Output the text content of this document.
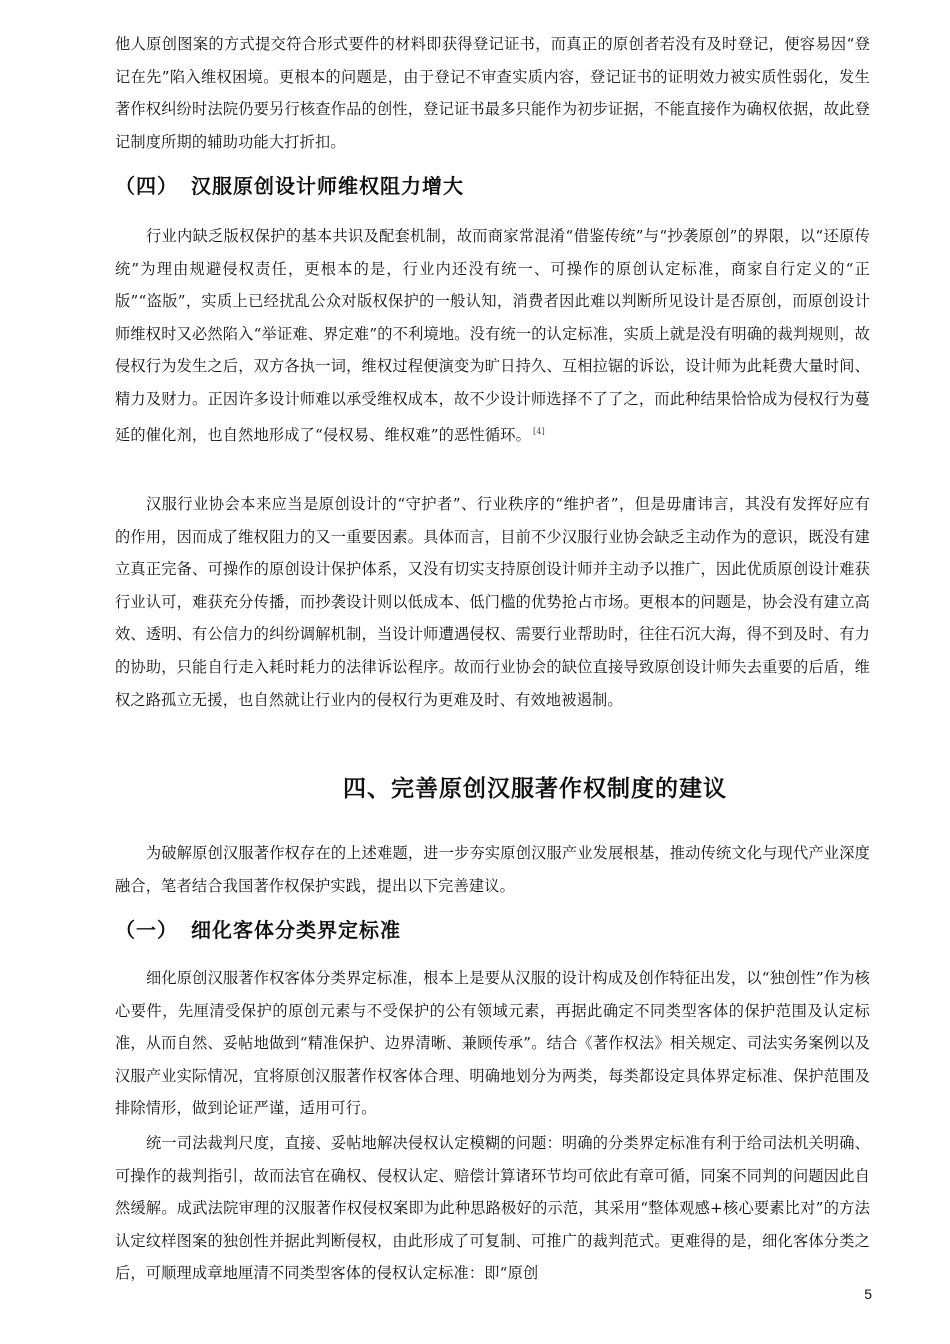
他人原创图案的方式提交符合形式要件的材料即获得登记证书，而真正的原创者若没有及时登记，便容易因“登记在先”陷入维权困境。更根本的问题是，由于登记不审查实质内容，登记证书的证明效力被实质性弱化，发生著作权纠纷时法院仍要另行核查作品的创性，登记证书最多只能作为初步证据，不能直接作为确权依据，故此登记制度所期的辅助功能大打折扣。

（四） 汉服原创设计师维权阻力增大

行业内缺乏版权保护的基本共识及配套机制，故而商家常混淆“借鉴传统”与“抄袭原创”的界限，以“还原传统”为理由规避侵权责任，更根本的是，行业内还没有统一、可操作的原创认定标准，商家自行定义的“正版”“盗版”，实质上已经扰乱公众对版权保护的一般认知，消费者因此难以判断所见设计是否原创，而原创设计师维权时又必然陷入“举证难、界定难”的不利境地。没有统一的认定标准，实质上就是没有明确的裁判规则，故侵权行为发生之后，双方各执一词，维权过程便演变为旷日持久、互相拉锯的诉讼，设计师为此耗费大量时间、精力及财力。正因许多设计师难以承受维权成本，故不少设计师选择不了了之，而此种结果恰恰成为侵权行为蔓延的催化剂，也自然地形成了“侵权易、维权难”的恶性循环。 [4]

汉服行业协会本来应当是原创设计的“守护者”、行业秩序的“维护者”，但是毋庸讳言，其没有发挥好应有的作用，因而成了维权阻力的又一重要因素。具体而言，目前不少汉服行业协会缺乏主动作为的意识，既没有建立真正完备、可操作的原创设计保护体系，又没有切实支持原创设计师并主动予以推广，因此优质原创设计难获行业认可，难获充分传播，而抄袭设计则以低成本、低门槛的优势抢占市场。更根本的问题是，协会没有建立高效、透明、有公信力的纠纷调解机制，当设计师遭遇侵权、需要行业帮助时，往往石沉大海，得不到及时、有力的协助，只能自行走入耗时耗力的法律诉讼程序。故而行业协会的缺位直接导致原创设计师失去重要的后盾，维权之路孤立无援，也自然就让行业内的侵权行为更难及时、有效地被遏制。

四、完善原创汉服著作权制度的建议

为破解原创汉服著作权存在的上述难题，进一步夯实原创汉服产业发展根基，推动传统文化与现代产业深度融合，笔者结合我国著作权保护实践，提出以下完善建议。

（一） 细化客体分类界定标准

细化原创汉服著作权客体分类界定标准，根本上是要从汉服的设计构成及创作特征出发，以“独创性”作为核心要件，先厘清受保护的原创元素与不受保护的公有领域元素，再据此确定不同类型客体的保护范围及认定标准，从而自然、妥帖地做到“精准保护、边界清晰、兼顾传承”。结合《著作权法》相关规定、司法实务案例以及汉服产业实际情况，宜将原创汉服著作权客体合理、明确地划分为两类，每类都设定具体界定标准、保护范围及排除情形，做到论证严谨，适用可行。

统一司法裁判尺度，直接、妥帖地解决侵权认定模糊的问题：明确的分类界定标准有利于给司法机关明确、可操作的裁判指引，故而法官在确权、侵权认定、赔偿计算诸环节均可依此有章可循，同案不同判的问题因此自然缓解。成武法院审理的汉服著作权侵权案即为此种思路极好的示范，其采用“整体观感+核心要素比对”的方法认定纹样图案的独创性并据此判断侵权，由此形成了可复制、可推广的裁判范式。更难得的是，细化客体分类之后，可顺理成章地厘清不同类型客体的侵权认定标准：即“原创

5
